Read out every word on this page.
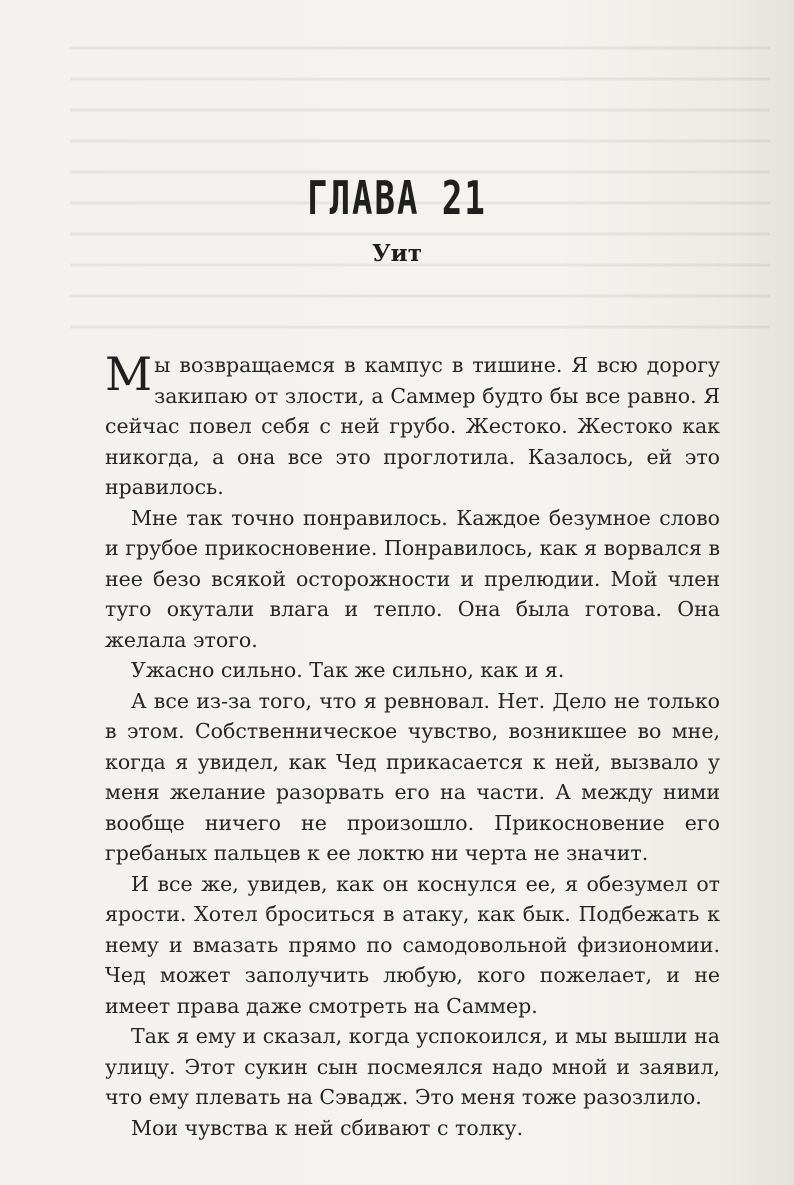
ГЛАВА 21
Уит

Мы возвращаемся в кампус в тишине. Я всю дорогу закипаю от злости, а Саммер будто бы все равно. Я сейчас повел себя с ней грубо. Жестоко. Жестоко как никогда, а она все это проглотила. Казалось, ей это нравилось.

Мне так точно понравилось. Каждое безумное слово и грубое прикосновение. Понравилось, как я ворвался в нее безо всякой осторожности и прелюдии. Мой член туго окутали влага и тепло. Она была готова. Она желала этого.

Ужасно сильно. Так же сильно, как и я.

А все из-за того, что я ревновал. Нет. Дело не только в этом. Собственническое чувство, возникшее во мне, когда я увидел, как Чед прикасается к ней, вызвало у меня желание разорвать его на части. А между ними вообще ничего не произошло. Прикосновение его гребаных пальцев к ее локтю ни черта не значит.

И все же, увидев, как он коснулся ее, я обезумел от ярости. Хотел броситься в атаку, как бык. Подбежать к нему и вмазать прямо по самодовольной физиономии. Чед может заполучить любую, кого пожелает, и не имеет права даже смотреть на Саммер.

Так я ему и сказал, когда успокоился, и мы вышли на улицу. Этот сукин сын посмеялся надо мной и заявил, что ему плевать на Сэвадж. Это меня тоже разозлило.

Мои чувства к ней сбивают с толку.
